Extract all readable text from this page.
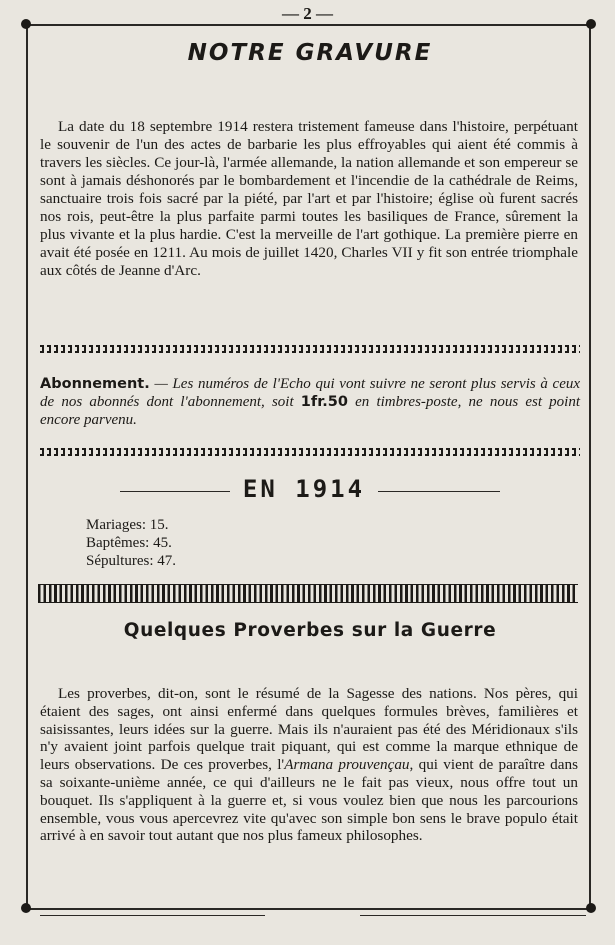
— 2 —
NOTRE GRAVURE
La date du 18 septembre 1914 restera tristement fameuse dans l'histoire, perpétuant le souvenir de l'un des actes de barbarie les plus effroyables qui aient été commis à travers les siècles. Ce jour-là, l'armée allemande, la nation allemande et son empereur se sont à jamais déshonorés par le bombardement et l'incendie de la cathédrale de Reims, sanctuaire trois fois sacré par la piété, par l'art et par l'histoire; église où furent sacrés nos rois, peut-être la plus parfaite parmi toutes les basiliques de France, sûrement la plus vivante et la plus hardie. C'est la merveille de l'art gothique. La première pierre en avait été posée en 1211. Au mois de juillet 1420, Charles VII y fit son entrée triomphale aux côtés de Jeanne d'Arc.
Abonnement. — Les numéros de l'Echo qui vont suivre ne seront plus servis à ceux de nos abonnés dont l'abonnement, soit 1fr.50 en timbres-poste, ne nous est point encore parvenu.
EN 1914
Mariages: 15.
Baptêmes: 45.
Sépultures: 47.
Quelques Proverbes sur la Guerre
Les proverbes, dit-on, sont le résumé de la Sagesse des nations. Nos pères, qui étaient des sages, ont ainsi enfermé dans quelques formules brèves, familières et saisissantes, leurs idées sur la guerre. Mais ils n'auraient pas été des Méridionaux s'ils n'y avaient joint parfois quelque trait piquant, qui est comme la marque ethnique de leurs observations. De ces proverbes, l'Armana prouvençau, qui vient de paraître dans sa soixante-unième année, ce qui d'ailleurs ne le fait pas vieux, nous offre tout un bouquet. Ils s'appliquent à la guerre et, si vous voulez bien que nous les parcourions ensemble, vous vous apercevrez vite qu'avec son simple bon sens le brave populo était arrivé à en savoir tout autant que nos plus fameux philosophes.
